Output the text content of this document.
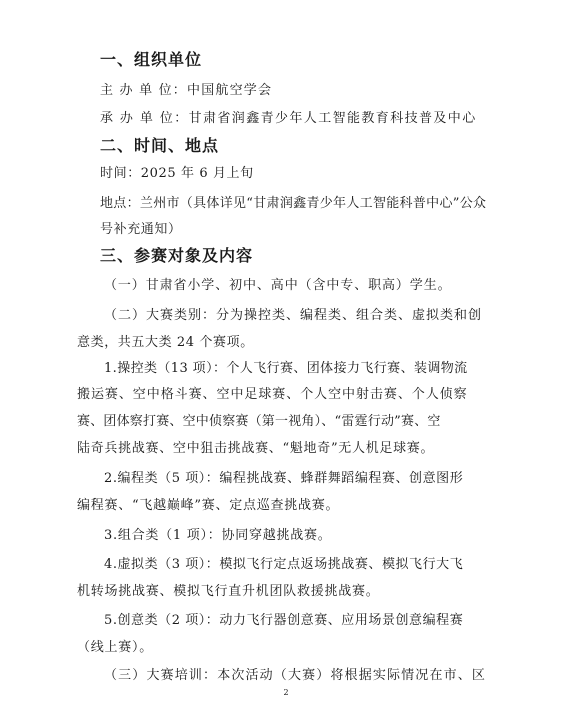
一、组织单位
主 办 单 位：中国航空学会
承 办 单 位：甘肃省润鑫青少年人工智能教育科技普及中心
二、时间、地点
时间：2025 年 6 月上旬
地点：兰州市（具体详见“甘肃润鑫青少年人工智能科普中心”公众
号补充通知）
三、参赛对象及内容
（一）甘肃省小学、初中、高中（含中专、职高）学生。
（二）大赛类别：分为操控类、编程类、组合类、虚拟类和创
意类，共五大类 24 个赛项。
1.操控类（13 项）：个人飞行赛、团体接力飞行赛、装调物流
搬运赛、空中格斗赛、空中足球赛、个人空中射击赛、个人侦察
赛、团体察打赛、空中侦察赛（第一视角）、“雷霆行动”赛、空
陆奇兵挑战赛、空中狙击挑战赛、“魁地奇”无人机足球赛。
2.编程类（5 项）：编程挑战赛、蜂群舞蹈编程赛、创意图形
编程赛、“飞越巅峰”赛、定点巡查挑战赛。
3.组合类（1 项）：协同穿越挑战赛。
4.虚拟类（3 项）：模拟飞行定点返场挑战赛、模拟飞行大飞
机转场挑战赛、模拟飞行直升机团队救援挑战赛。
5.创意类（2 项）：动力飞行器创意赛、应用场景创意编程赛
（线上赛）。
（三）大赛培训：本次活动（大赛）将根据实际情况在市、区
2
